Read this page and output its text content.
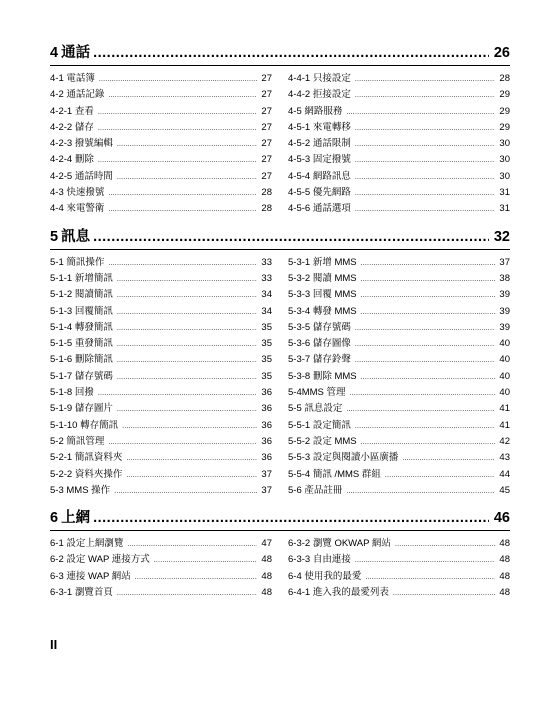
4 通話 .....	26
4-1 電話簿 .....	27
4-2 通話記錄 .....	27
4-2-1 查看 .....	27
4-2-2 儲存 .....	27
4-2-3 撥號編輯 .....	27
4-2-4 刪除 .....	27
4-2-5 通話時間 .....	27
4-3 快速撥號 .....	28
4-4 來電警衛 .....	28
4-4-1 只接設定 .....	28
4-4-2 拒接設定 .....	29
4-5 網路服務 .....	29
4-5-1 來電轉移 .....	29
4-5-2 通話限制 .....	30
4-5-3 固定撥號 .....	30
4-5-4 網路訊息 .....	30
4-5-5 優先網路 .....	31
4-5-6 通話選項 .....	31
5 訊息 .....	32
5-1 簡訊操作 .....	33
5-1-1 新增簡訊 .....	33
5-1-2 閱讀簡訊 .....	34
5-1-3 回覆簡訊 .....	34
5-1-4 轉發簡訊 .....	35
5-1-5 重發簡訊 .....	35
5-1-6 刪除簡訊 .....	35
5-1-7 儲存號碼 .....	35
5-1-8 回撥 .....	36
5-1-9 儲存圖片 .....	36
5-1-10 轉存簡訊 .....	36
5-2 簡訊管理 .....	36
5-2-1 簡訊資料夾 .....	36
5-2-2 資料夾操作 .....	37
5-3 MMS 操作 .....	37
5-3-1 新增 MMS .....	37
5-3-2 閱讀 MMS .....	38
5-3-3 回覆 MMS .....	39
5-3-4 轉發 MMS .....	39
5-3-5 儲存號碼 .....	39
5-3-6 儲存圖像 .....	40
5-3-7 儲存鈴聲 .....	40
5-3-8 刪除 MMS .....	40
5-4MMS 管理 .....	40
5-5 訊息設定 .....	41
5-5-1 設定簡訊 .....	41
5-5-2 設定 MMS .....	42
5-5-3 設定與閱讀小區廣播 .....	43
5-5-4 簡訊 /MMS 群組 .....	44
5-6 產品註冊 .....	45
6 上網 .....	46
6-1 設定上網瀏覽 .....	47
6-2 設定 WAP 連接方式 .....	48
6-3 連接 WAP 網站 .....	48
6-3-1 瀏覽首頁 .....	48
6-3-2 瀏覽 OKWAP 網站 .....	48
6-3-3 自由連接 .....	48
6-4 使用我的最愛 .....	48
6-4-1 進入我的最愛列表 .....	48
II
